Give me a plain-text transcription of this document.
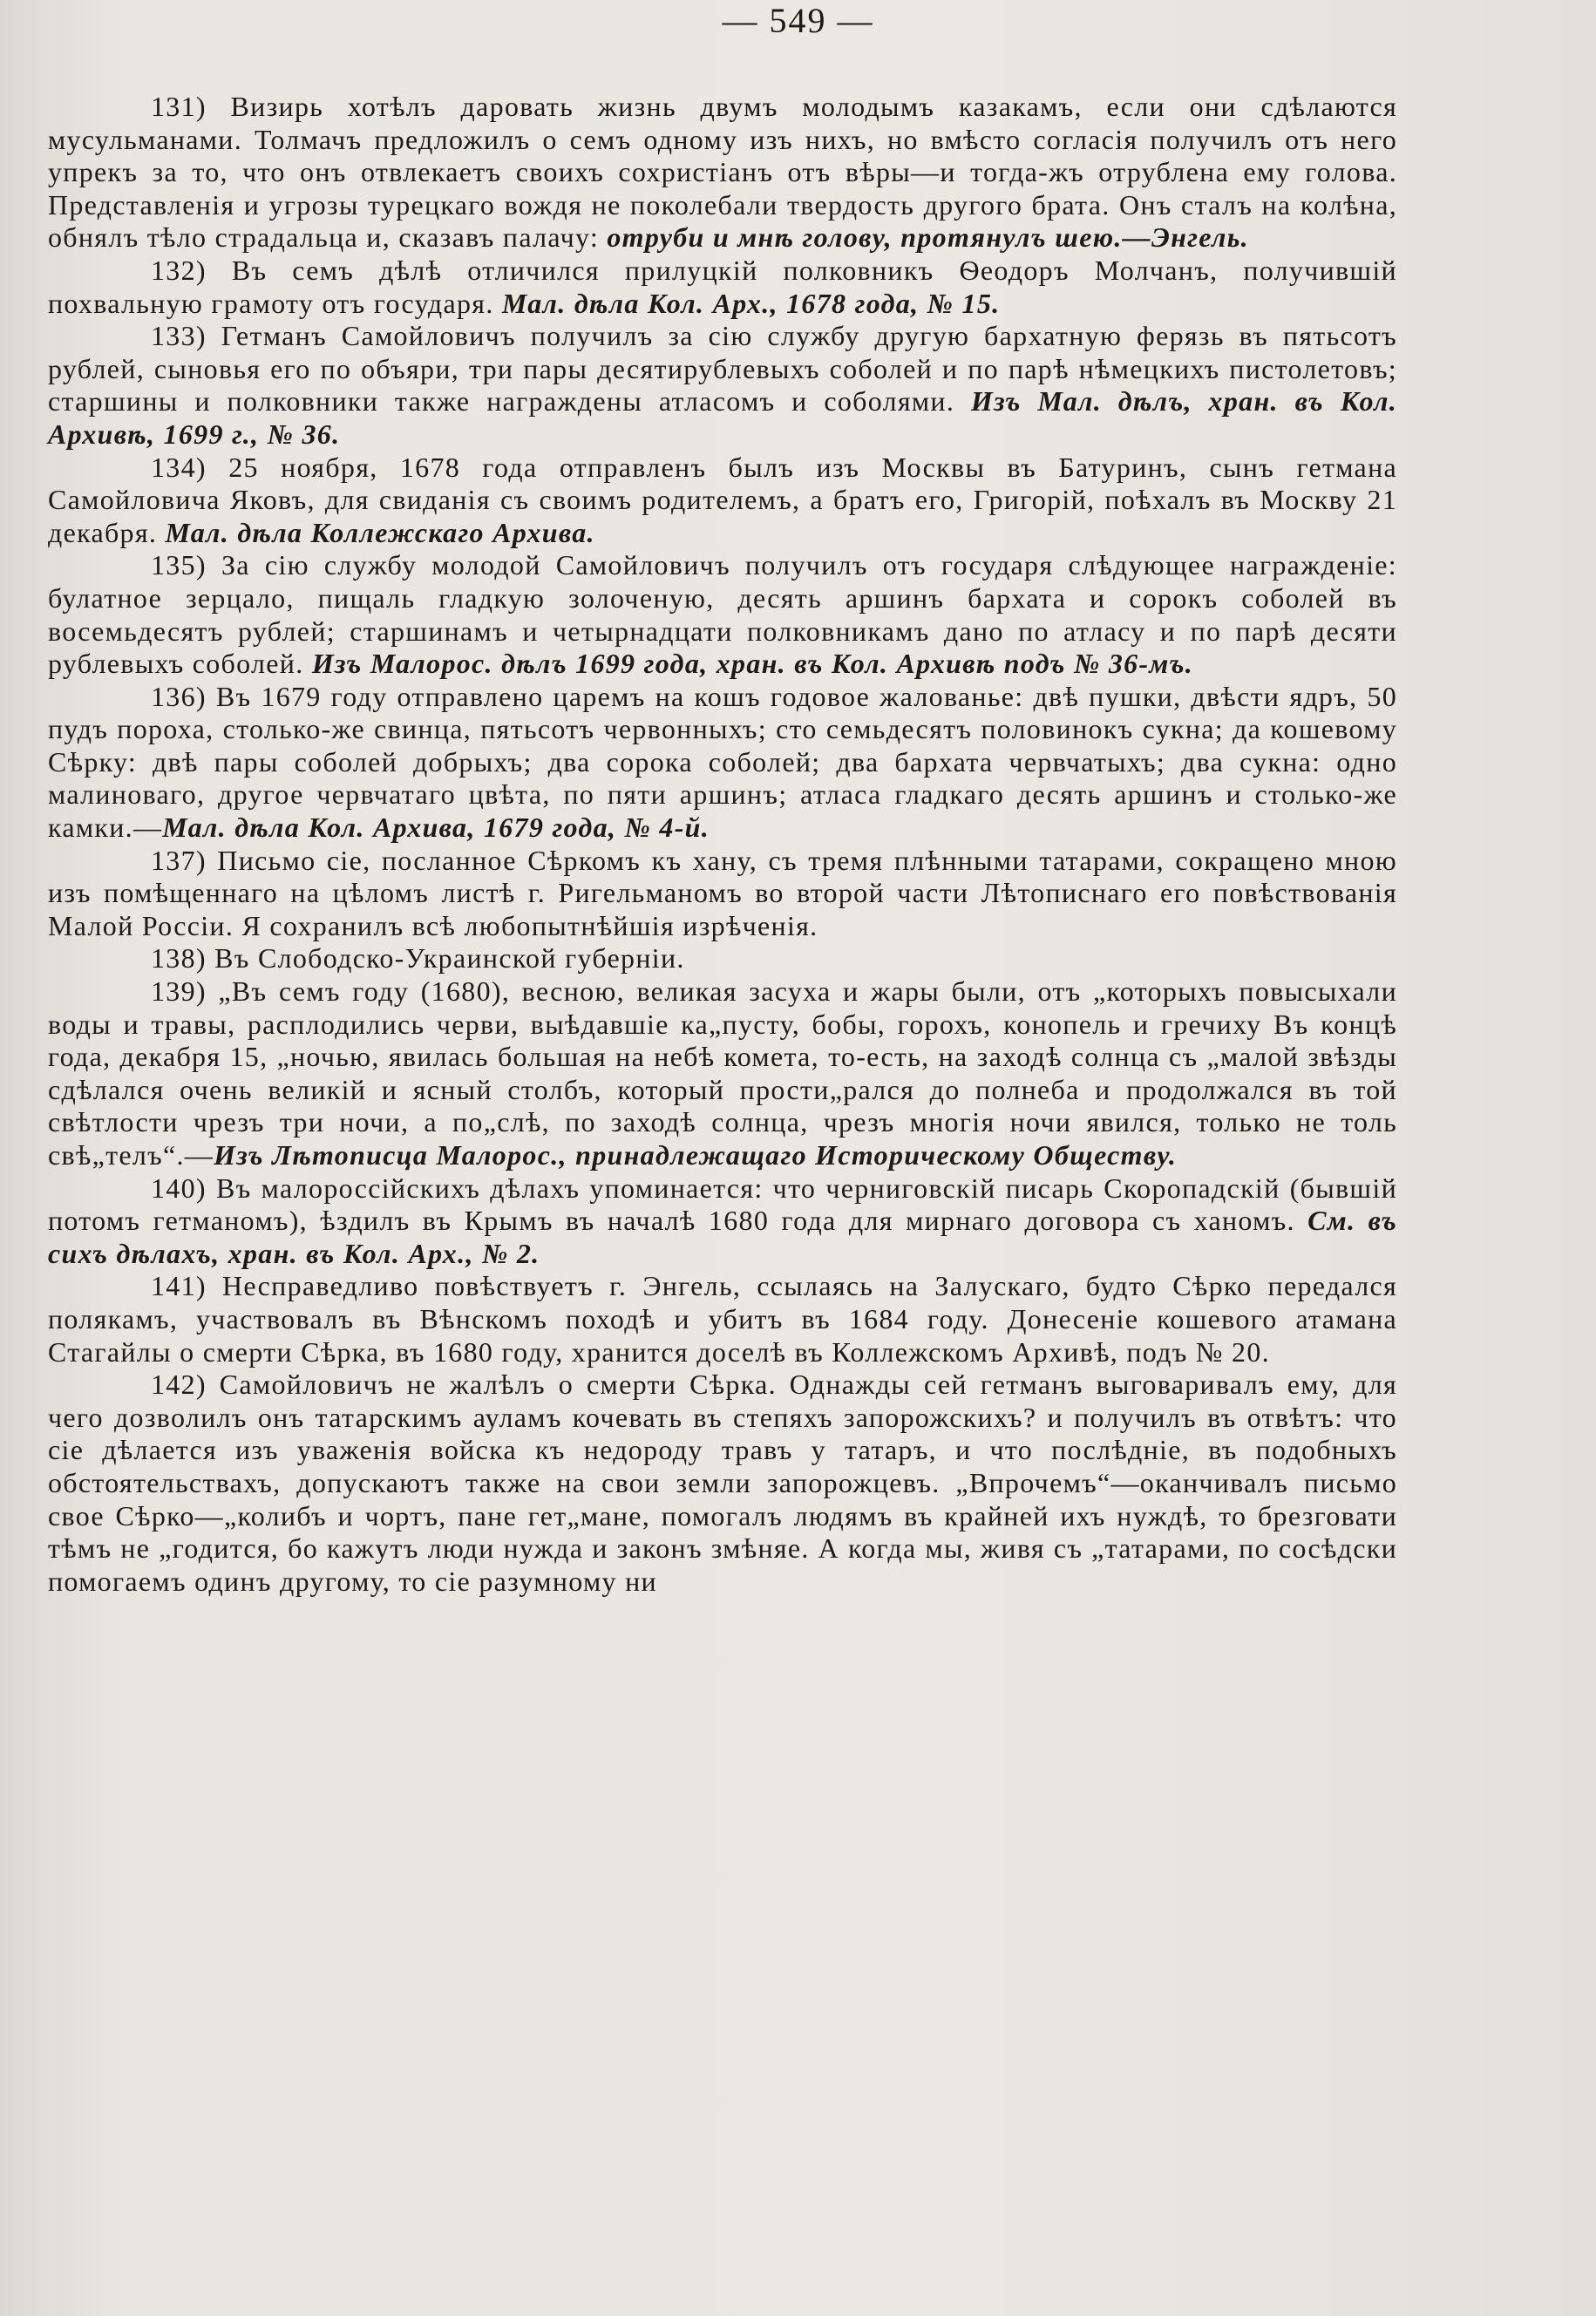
— 549 —

131) Визирь хотѣлъ даровать жизнь двумъ молодымъ казакамъ, если они сдѣлаются мусульманами. Толмачъ предложилъ о семъ одному изъ нихъ, но вмѣсто согласія получилъ отъ него упрекъ за то, что онъ отвлекаетъ своихъ сохристіанъ отъ вѣры—и тогда-жъ отрублена ему голова. Представленія и угрозы турецкаго вождя не поколебали твердость другого брата. Онъ сталъ на колѣна, обнялъ тѣло страдальца и, сказавъ палачу: отруби и мнѣ голову, протянулъ шею.—Энгель.

132) Въ семъ дѣлѣ отличился прилуцкій полковникъ Ѳеодоръ Молчанъ, получившій похвальную грамоту отъ государя. Мал. дѣла Кол. Арх., 1678 года, № 15.

133) Гетманъ Самойловичъ получилъ за сію службу другую бархатную ферязь въ пятьсотъ рублей, сыновья его по объяри, три пары десятирублевыхъ соболей и по парѣ нѣмецкихъ пистолетовъ; старшины и полковники также награждены атласомъ и соболями. Изъ Мал. дѣлъ, хран. въ Кол. Архивѣ, 1699 г., № 36.

134) 25 ноября, 1678 года отправленъ былъ изъ Москвы въ Батуринъ, сынъ гетмана Самойловича Яковъ, для свиданія съ своимъ родителемъ, а братъ его, Григорій, поѣхалъ въ Москву 21 декабря. Мал. дѣла Коллежскаго Архива.

135) За сію службу молодой Самойловичъ получилъ отъ государя слѣдующее награжденіе: булатное зерцало, пищаль гладкую золоченую, десять аршинъ бархата и сорокъ соболей въ восемьдесятъ рублей; старшинамъ и четырнадцати полковникамъ дано по атласу и по парѣ десяти рублевыхъ соболей. Изъ Малорос. дѣлъ 1699 года, хран. въ Кол. Архивѣ подъ № 36-мъ.

136) Въ 1679 году отправлено царемъ на кошъ годовое жалованье: двѣ пушки, двѣсти ядръ, 50 пудъ пороха, столько-же свинца, пятьсотъ червонныхъ; сто семьдесятъ половинокъ сукна; да кошевому Сѣрку: двѣ пары соболей добрыхъ; два сорока соболей; два бархата червчатыхъ; два сукна: одно малиноваго, другое червчатаго цвѣта, по пяти аршинъ; атласа гладкаго десять аршинъ и столько-же камки.—Мал. дѣла Кол. Архива, 1679 года, № 4-й.

137) Письмо сіе, посланное Сѣркомъ къ хану, съ тремя плѣнными татарами, сокращено мною изъ помѣщеннаго на цѣломъ листѣ г. Ригельманомъ во второй части Лѣтописнаго его повѣствованія Малой Россіи. Я сохранилъ всѣ любопытнѣйшія изрѣченія.

138) Въ Слободско-Украинской губерніи.

139) „Въ семъ году (1680), весною, великая засуха и жары были, отъ „которыхъ повысыхали воды и травы, расплодились черви, выѣдавшіе ка„пусту, бобы, горохъ, конопель и гречиху Въ концѣ года, декабря 15, „ночью, явилась большая на небѣ комета, то-есть, на заходѣ солнца съ „малой звѣзды сдѣлался очень великій и ясный столбъ, который прости„рался до полнеба и продолжался въ той свѣтлости чрезъ три ночи, а по„слѣ, по заходѣ солнца, чрезъ многія ночи явился, только не толь свѣ„телъ“.—Изъ Лѣтописца Малорос., принадлежащаго Историческому Обществу.

140) Въ малороссійскихъ дѣлахъ упоминается: что черниговскій писарь Скоропадскій (бывшій потомъ гетманомъ), ѣздилъ въ Крымъ въ началѣ 1680 года для мирнаго договора съ ханомъ. См. въ сихъ дѣлахъ, хран. въ Кол. Арх., № 2.

141) Несправедливо повѣствуетъ г. Энгель, ссылаясь на Залускаго, будто Сѣрко передался полякамъ, участвовалъ въ Вѣнскомъ походѣ и убитъ въ 1684 году. Донесеніе кошевого атамана Стагайлы о смерти Сѣрка, въ 1680 году, хранится доселѣ въ Коллежскомъ Архивѣ, подъ № 20.

142) Самойловичъ не жалѣлъ о смерти Сѣрка. Однажды сей гетманъ выговаривалъ ему, для чего дозволилъ онъ татарскимъ ауламъ кочевать въ степяхъ запорожскихъ? и получилъ въ отвѣтъ: что сіе дѣлается изъ уваженія войска къ недороду травъ у татаръ, и что послѣдніе, въ подобныхъ обстоятельствахъ, допускаютъ также на свои земли запорожцевъ. „Впрочемъ“—оканчивалъ письмо свое Сѣрко—„колибъ и чортъ, пане гет„мане, помогалъ людямъ въ крайней ихъ нуждѣ, то брезговати тѣмъ не „годится, бо кажутъ люди нужда и законъ змѣняе. А когда мы, живя съ „татарами, по сосѣдски помогаемъ одинъ другому, то сіе разумному ни
